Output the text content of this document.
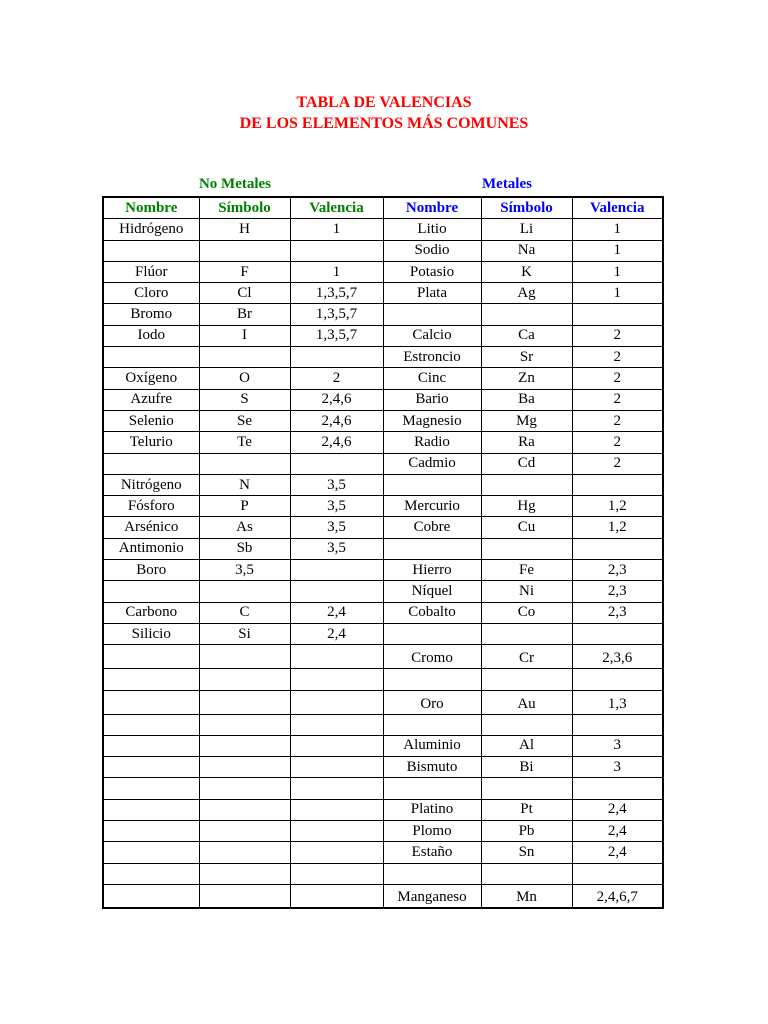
TABLA DE VALENCIAS
DE LOS ELEMENTOS MÁS COMUNES
No Metales	Metales
Nombre	Símbolo	Valencia	Nombre	Símbolo	Valencia
Hidrógeno	H	1	Litio	Li	1
			Sodio	Na	1
Flúor	F	1	Potasio	K	1
Cloro	Cl	1,3,5,7	Plata	Ag	1
Bromo	Br	1,3,5,7			
Iodo	I	1,3,5,7	Calcio	Ca	2
			Estroncio	Sr	2
Oxígeno	O	2	Cinc	Zn	2
Azufre	S	2,4,6	Bario	Ba	2
Selenio	Se	2,4,6	Magnesio	Mg	2
Telurio	Te	2,4,6	Radio	Ra	2
			Cadmio	Cd	2
Nitrógeno	N	3,5			
Fósforo	P	3,5	Mercurio	Hg	1,2
Arsénico	As	3,5	Cobre	Cu	1,2
Antimonio	Sb	3,5			
Boro	3,5		Hierro	Fe	2,3
			Níquel	Ni	2,3
Carbono	C	2,4	Cobalto	Co	2,3
Silicio	Si	2,4			
			Cromo	Cr	2,3,6

			Oro	Au	1,3

			Aluminio	Al	3
			Bismuto	Bi	3

			Platino	Pt	2,4
			Plomo	Pb	2,4
			Estaño	Sn	2,4

			Manganeso	Mn	2,4,6,7
